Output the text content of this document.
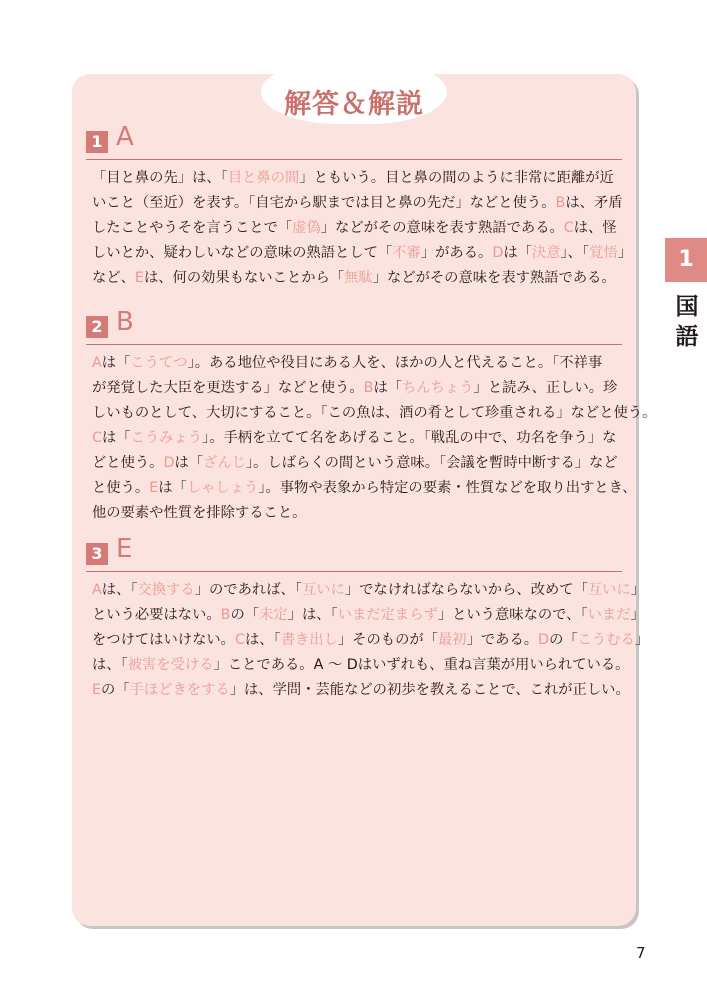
解答＆解説
1 A

「目と鼻の先」は、「目と鼻の間」ともいう。目と鼻の間のように非常に距離が近

いこと（至近）を表す。「自宅から駅までは目と鼻の先だ」などと使う。Bは、矛盾

したことやうそを言うことで「虚偽」などがその意味を表す熟語である。Cは、怪

しいとか、疑わしいなどの意味の熟語として「不審」がある。Dは「決意」、「覚悟」

など、Eは、何の効果もないことから「無駄」などがその意味を表す熟語である。

2 B

Aは「こうてつ」。ある地位や役目にある人を、ほかの人と代えること。「不祥事

が発覚した大臣を更迭する」などと使う。Bは「ちんちょう」と読み、正しい。珍

しいものとして、大切にすること。「この魚は、酒の肴として珍重される」などと使う。

Cは「こうみょう」。手柄を立てて名をあげること。「戦乱の中で、功名を争う」な

どと使う。Dは「ざんじ」。しばらくの間という意味。「会議を暫時中断する」など

と使う。Eは「しゃしょう」。事物や表象から特定の要素・性質などを取り出すとき、

他の要素や性質を排除すること。

3 E

Aは、「交換する」のであれば、「互いに」でなければならないから、改めて「互いに」

という必要はない。Bの「未定」は、「いまだ定まらず」という意味なので、「いまだ」

をつけてはいけない。Cは、「書き出し」そのものが「最初」である。Dの「こうむる」

は、「被害を受ける」ことである。A ～ Dはいずれも、重ね言葉が用いられている。

Eの「手ほどきをする」は、学問・芸能などの初歩を教えることで、これが正しい。

1
国
語
7
